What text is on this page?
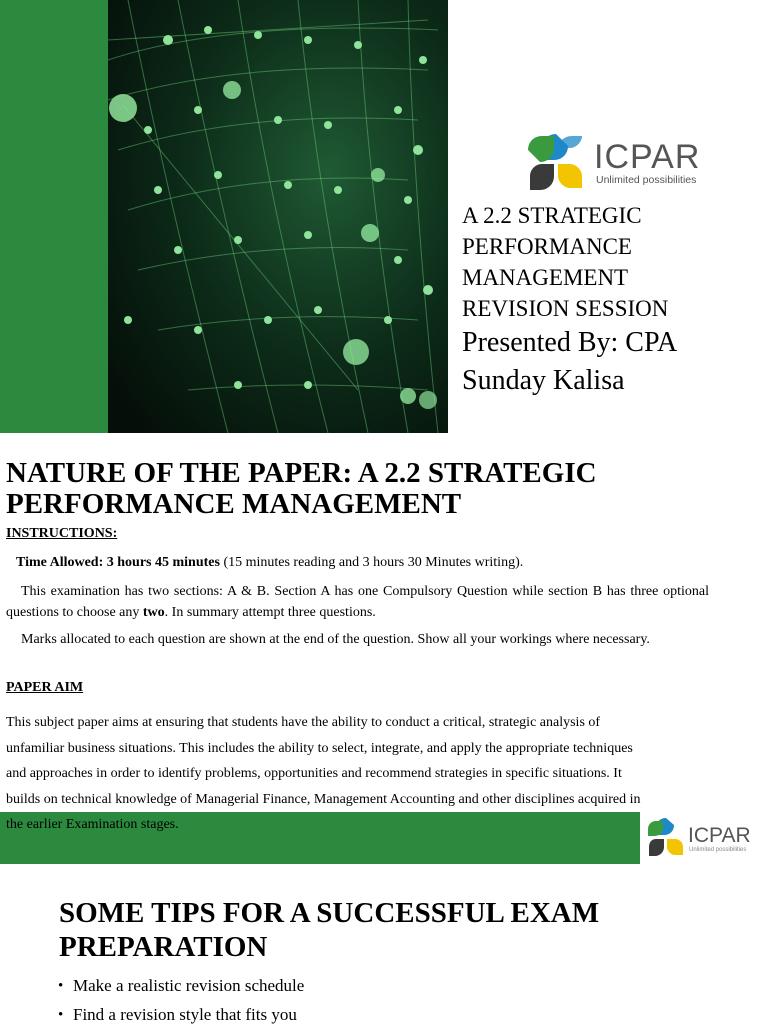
ICPAR
Unlimited possibilities
A 2.2 STRATEGIC
PERFORMANCE
MANAGEMENT
REVISION SESSION

Presented By: CPA
Sunday Kalisa

NATURE OF THE PAPER: A 2.2 STRATEGIC
PERFORMANCE MANAGEMENT

INSTRUCTIONS:

Time Allowed: 3 hours 45 minutes (15 minutes reading and 3 hours 30 Minutes writing).

This examination has two sections: A & B. Section A has one Compulsory Question while section B has three optional questions to choose any two. In summary attempt three questions.

Marks allocated to each question are shown at the end of the question. Show all your workings where necessary.

PAPER AIM

This subject paper aims at ensuring that students have the ability to conduct a critical, strategic analysis of
unfamiliar business situations. This includes the ability to select, integrate, and apply the appropriate techniques
and approaches in order to identify problems, opportunities and recommend strategies in specific situations. It
builds on technical knowledge of Managerial Finance, Management Accounting and other disciplines acquired in
the earlier Examination stages.	ICPAR
Unlimited possibilities
SOME TIPS FOR A SUCCESSFUL EXAM
PREPARATION
• Make a realistic revision schedule
• Find a revision style that fits you
